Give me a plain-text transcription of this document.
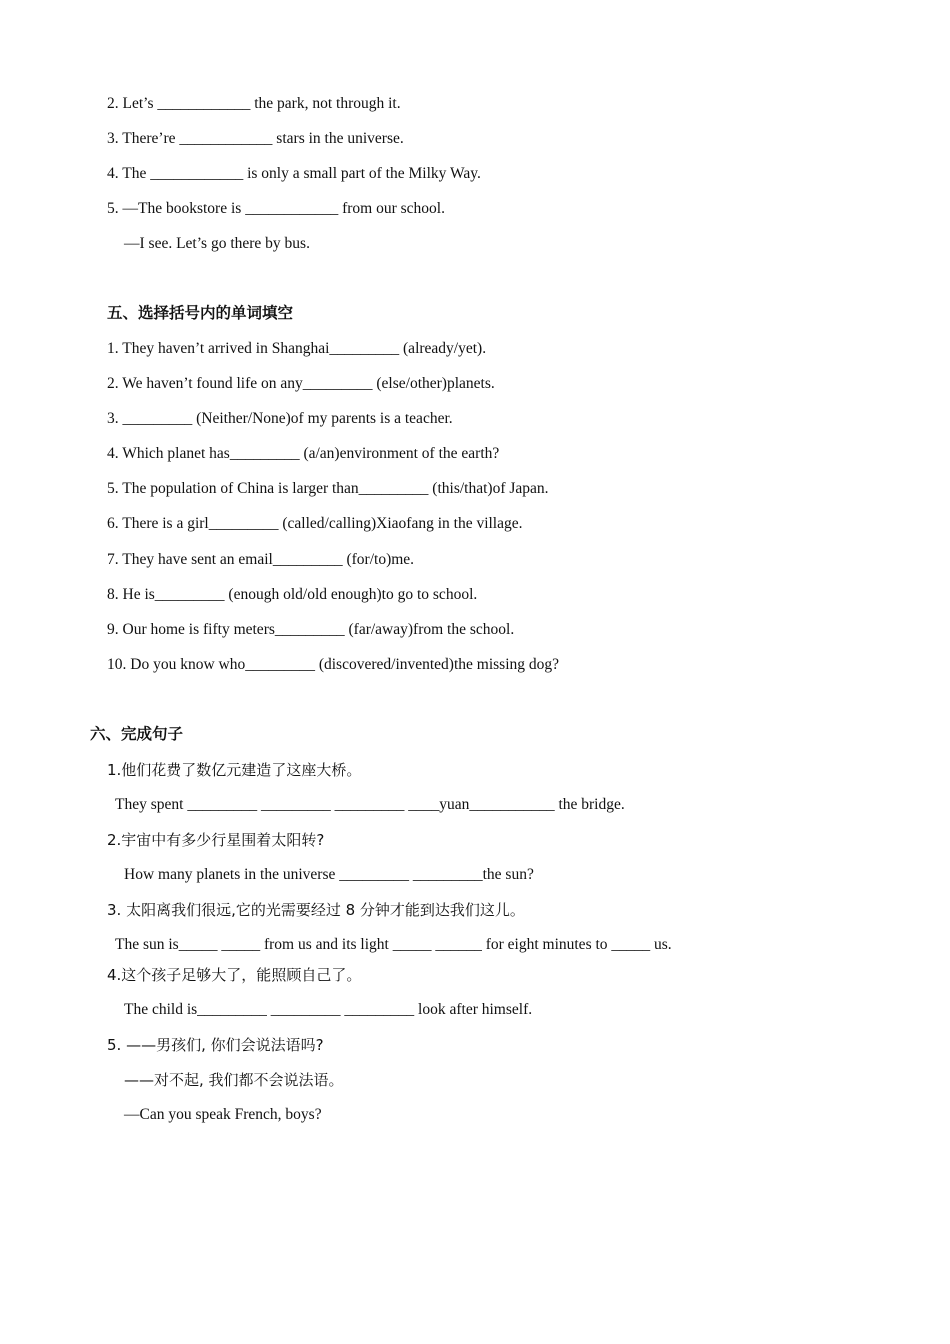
2. Let’s ____________ the park, not through it.
3. There’re ____________ stars in the universe.
4. The ____________ is only a small part of the Milky Way.
5. —The bookstore is ____________ from our school.
—I see. Let’s go there by bus.
五、选择括号内的单词填空
1. They haven’t arrived in Shanghai_________ (already/yet).
2. We haven’t found life on any_________ (else/other)planets.
3. _________ (Neither/None)of my parents is a teacher.
4. Which planet has_________ (a/an)environment of the earth?
5. The population of China is larger than_________ (this/that)of Japan.
6. There is a girl_________ (called/calling)Xiaofang in the village.
7. They have sent an email_________ (for/to)me.
8. He is_________ (enough old/old enough)to go to school.
9. Our home is fifty meters_________ (far/away)from the school.
10. Do you know who_________ (discovered/invented)the missing dog?
六、完成句子
1.他们花费了数亿元建造了这座大桥。
They spent _________ _________ _________ ____yuan___________ the bridge.
2.宇宙中有多少行星围着太阳转?
How many planets in the universe _________ _________the sun?
3. 太阳离我们很远,它的光需要经过 8 分钟才能到达我们这儿。
The sun is_____ _____ from us and its light _____ ______ for eight minutes to _____ us.
4.这个孩子足够大了，能照顾自己了。
The child is_________ _________ _________ look after himself.
5. ——男孩们, 你们会说法语吗?
——对不起, 我们都不会说法语。
—Can you speak French, boys?
